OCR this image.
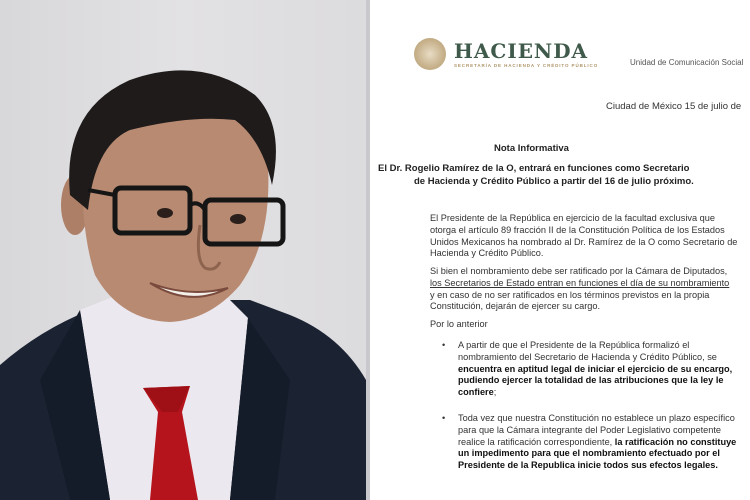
HACIENDA
SECRETARÍA DE HACIENDA Y CRÉDITO PÚBLICO	Unidad de Comunicación Social
Ciudad de México 15 de julio de
Nota Informativa
El Dr. Rogelio Ramírez de la O, entrará en funciones como Secretario
de Hacienda y Crédito Público a partir del 16 de julio próximo.
El Presidente de la República en ejercicio de la facultad exclusiva que
otorga el artículo 89 fracción II de la Constitución Política de los Estados
Unidos Mexicanos ha nombrado al Dr. Ramírez de la O como Secretario de
Hacienda y Crédito Público.
Si bien el nombramiento debe ser ratificado por la Cámara de Diputados,
los Secretarios de Estado entran en funciones el día de su nombramiento
y en caso de no ser ratificados en los términos previstos en la propia
Constitución, dejarán de ejercer su cargo.
Por lo anterior
• A partir de que el Presidente de la República formalizó el
nombramiento del Secretario de Hacienda y Crédito Público, se
encuentra en aptitud legal de iniciar el ejercicio de su encargo,
pudiendo ejercer la totalidad de las atribuciones que la ley le
confiere;
• Toda vez que nuestra Constitución no establece un plazo específico
para que la Cámara integrante del Poder Legislativo competente
realice la ratificación correspondiente, la ratificación no constituye
un impedimento para que el nombramiento efectuado por el
Presidente de la Republica inicie todos sus efectos legales.
